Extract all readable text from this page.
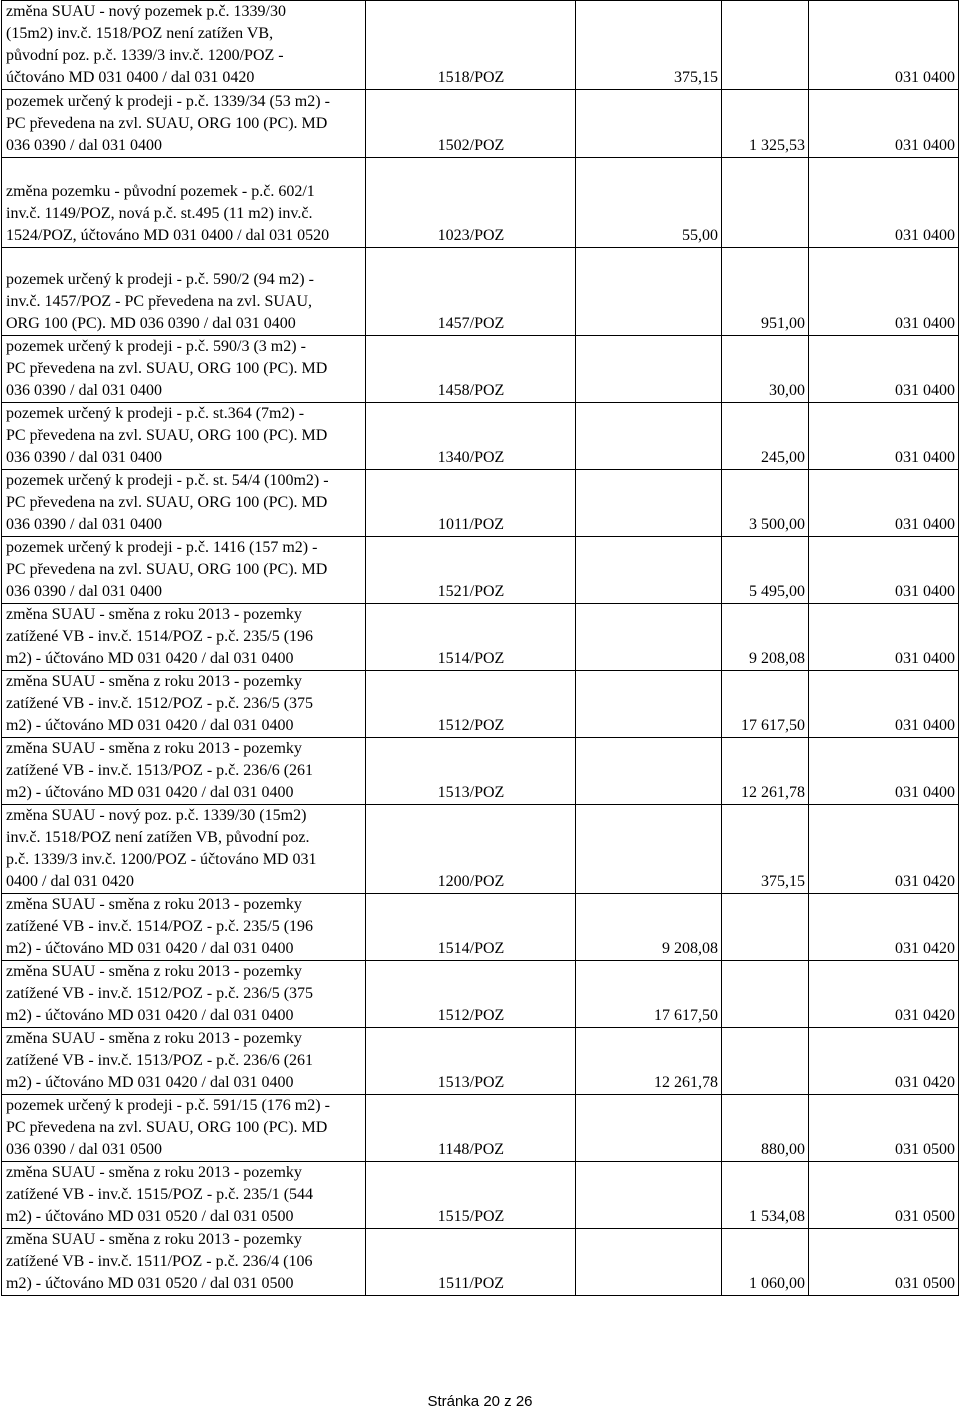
změna SUAU - nový pozemek p.č. 1339/30
(15m2) inv.č. 1518/POZ není zatížen VB,
původní poz. p.č. 1339/3 inv.č. 1200/POZ -
účtováno MD 031 0400 / dal 031 0420	1518/POZ	375,15		031 0400
pozemek určený k prodeji - p.č. 1339/34 (53 m2) -
PC převedena na zvl. SUAU, ORG 100 (PC). MD
036 0390 / dal 031 0400	1502/POZ		1 325,53	031 0400
změna pozemku - původní pozemek - p.č. 602/1
inv.č. 1149/POZ, nová p.č. st.495 (11 m2) inv.č.
1524/POZ, účtováno MD 031 0400 / dal 031 0520	1023/POZ	55,00		031 0400
pozemek určený k prodeji - p.č. 590/2 (94 m2) -
inv.č. 1457/POZ - PC převedena na zvl. SUAU,
ORG 100 (PC). MD 036 0390 / dal 031 0400	1457/POZ		951,00	031 0400
pozemek určený k prodeji - p.č. 590/3 (3 m2) -
PC převedena na zvl. SUAU, ORG 100 (PC). MD
036 0390 / dal 031 0400	1458/POZ		30,00	031 0400
pozemek určený k prodeji - p.č. st.364 (7m2) -
PC převedena na zvl. SUAU, ORG 100 (PC). MD
036 0390 / dal 031 0400	1340/POZ		245,00	031 0400
pozemek určený k prodeji - p.č. st. 54/4 (100m2) -
PC převedena na zvl. SUAU, ORG 100 (PC). MD
036 0390 / dal 031 0400	1011/POZ		3 500,00	031 0400
pozemek určený k prodeji - p.č. 1416 (157 m2) -
PC převedena na zvl. SUAU, ORG 100 (PC). MD
036 0390 / dal 031 0400	1521/POZ		5 495,00	031 0400
změna SUAU - směna z roku 2013 - pozemky
zatížené VB - inv.č. 1514/POZ - p.č. 235/5 (196
m2) - účtováno MD 031 0420 / dal 031 0400	1514/POZ		9 208,08	031 0400
změna SUAU - směna z roku 2013 - pozemky
zatížené VB - inv.č. 1512/POZ - p.č. 236/5 (375
m2) - účtováno MD 031 0420 / dal 031 0400	1512/POZ		17 617,50	031 0400
změna SUAU - směna z roku 2013 - pozemky
zatížené VB - inv.č. 1513/POZ - p.č. 236/6 (261
m2) - účtováno MD 031 0420 / dal 031 0400	1513/POZ		12 261,78	031 0400
změna SUAU - nový poz. p.č. 1339/30 (15m2)
inv.č. 1518/POZ není zatížen VB, původní poz.
p.č. 1339/3 inv.č. 1200/POZ - účtováno MD 031
0400 / dal 031 0420	1200/POZ		375,15	031 0420
změna SUAU - směna z roku 2013 - pozemky
zatížené VB - inv.č. 1514/POZ - p.č. 235/5 (196
m2) - účtováno MD 031 0420 / dal 031 0400	1514/POZ	9 208,08		031 0420
změna SUAU - směna z roku 2013 - pozemky
zatížené VB - inv.č. 1512/POZ - p.č. 236/5 (375
m2) - účtováno MD 031 0420 / dal 031 0400	1512/POZ	17 617,50		031 0420
změna SUAU - směna z roku 2013 - pozemky
zatížené VB - inv.č. 1513/POZ - p.č. 236/6 (261
m2) - účtováno MD 031 0420 / dal 031 0400	1513/POZ	12 261,78		031 0420
pozemek určený k prodeji - p.č. 591/15 (176 m2) -
PC převedena na zvl. SUAU, ORG 100 (PC). MD
036 0390 / dal 031 0500	1148/POZ		880,00	031 0500
změna SUAU - směna z roku 2013 - pozemky
zatížené VB - inv.č. 1515/POZ - p.č. 235/1 (544
m2) - účtováno MD 031 0520 / dal 031 0500	1515/POZ		1 534,08	031 0500
změna SUAU - směna z roku 2013 - pozemky
zatížené VB - inv.č. 1511/POZ - p.č. 236/4 (106
m2) - účtováno MD 031 0520 / dal 031 0500	1511/POZ		1 060,00	031 0500
Stránka 20 z 26
